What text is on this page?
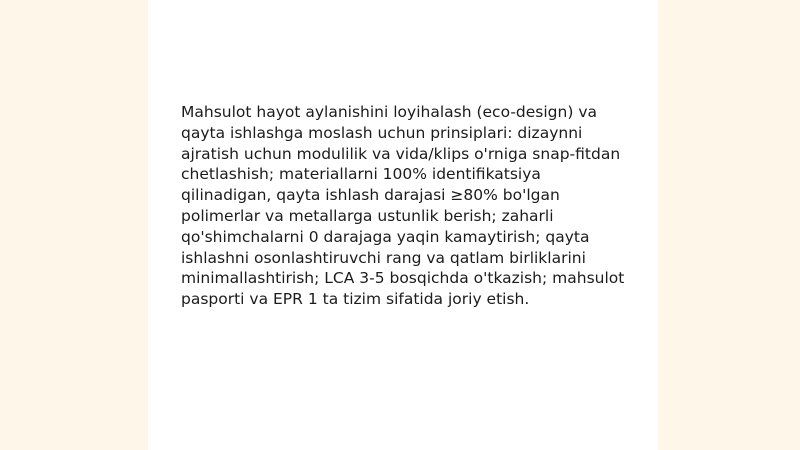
Mahsulot hayot aylanishini loyihalash (eco-design) va qayta ishlashga moslash uchun prinsiplari: dizaynni ajratish uchun modulilik va vida/klips o'rniga snap-fitdan chetlashish; materiallarni 100% identifikatsiya qilinadigan, qayta ishlash darajasi ≥80% bo'lgan polimerlar va metallarga ustunlik berish; zaharli qo'shimchalarni 0 darajaga yaqin kamaytirish; qayta ishlashni osonlashtiruvchi rang va qatlam birliklarini minimallashtirish; LCA 3-5 bosqichda o'tkazish; mahsulot pasporti va EPR 1 ta tizim sifatida joriy etish.
